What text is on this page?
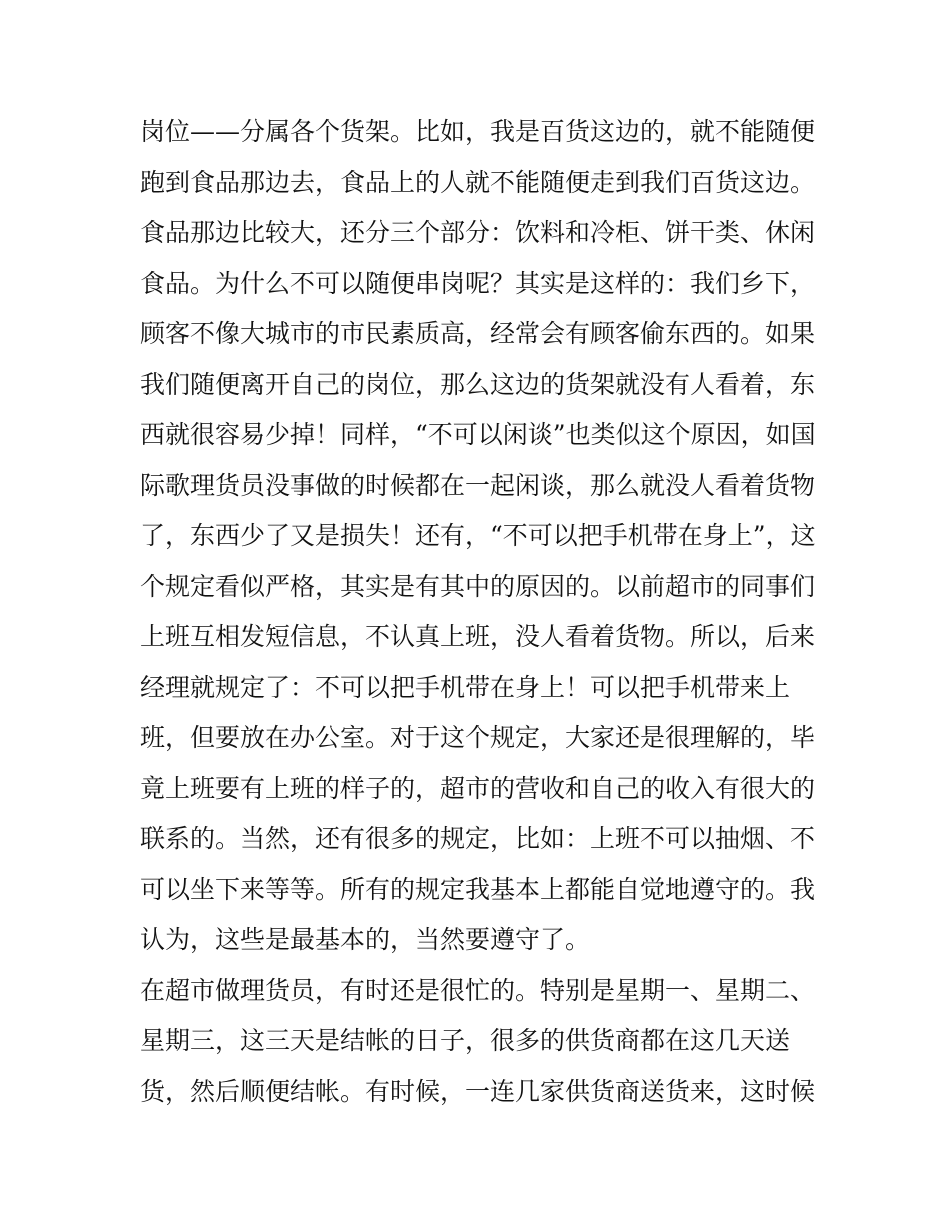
岗位——分属各个货架。比如，我是百货这边的，就不能随便
跑到食品那边去，食品上的人就不能随便走到我们百货这边。
食品那边比较大，还分三个部分：饮料和冷柜、饼干类、休闲
食品。为什么不可以随便串岗呢？其实是这样的：我们乡下，
顾客不像大城市的市民素质高，经常会有顾客偷东西的。如果
我们随便离开自己的岗位，那么这边的货架就没有人看着，东
西就很容易少掉！同样，“不可以闲谈”也类似这个原因，如国
际歌理货员没事做的时候都在一起闲谈，那么就没人看着货物
了，东西少了又是损失！还有，“不可以把手机带在身上”，这
个规定看似严格，其实是有其中的原因的。以前超市的同事们
上班互相发短信息，不认真上班，没人看着货物。所以，后来
经理就规定了：不可以把手机带在身上！可以把手机带来上
班，但要放在办公室。对于这个规定，大家还是很理解的，毕
竟上班要有上班的样子的，超市的营收和自己的收入有很大的
联系的。当然，还有很多的规定，比如：上班不可以抽烟、不
可以坐下来等等。所有的规定我基本上都能自觉地遵守的。我
认为，这些是最基本的，当然要遵守了。
在超市做理货员，有时还是很忙的。特别是星期一、星期二、
星期三，这三天是结帐的日子，很多的供货商都在这几天送
货，然后顺便结帐。有时候，一连几家供货商送货来，这时候
